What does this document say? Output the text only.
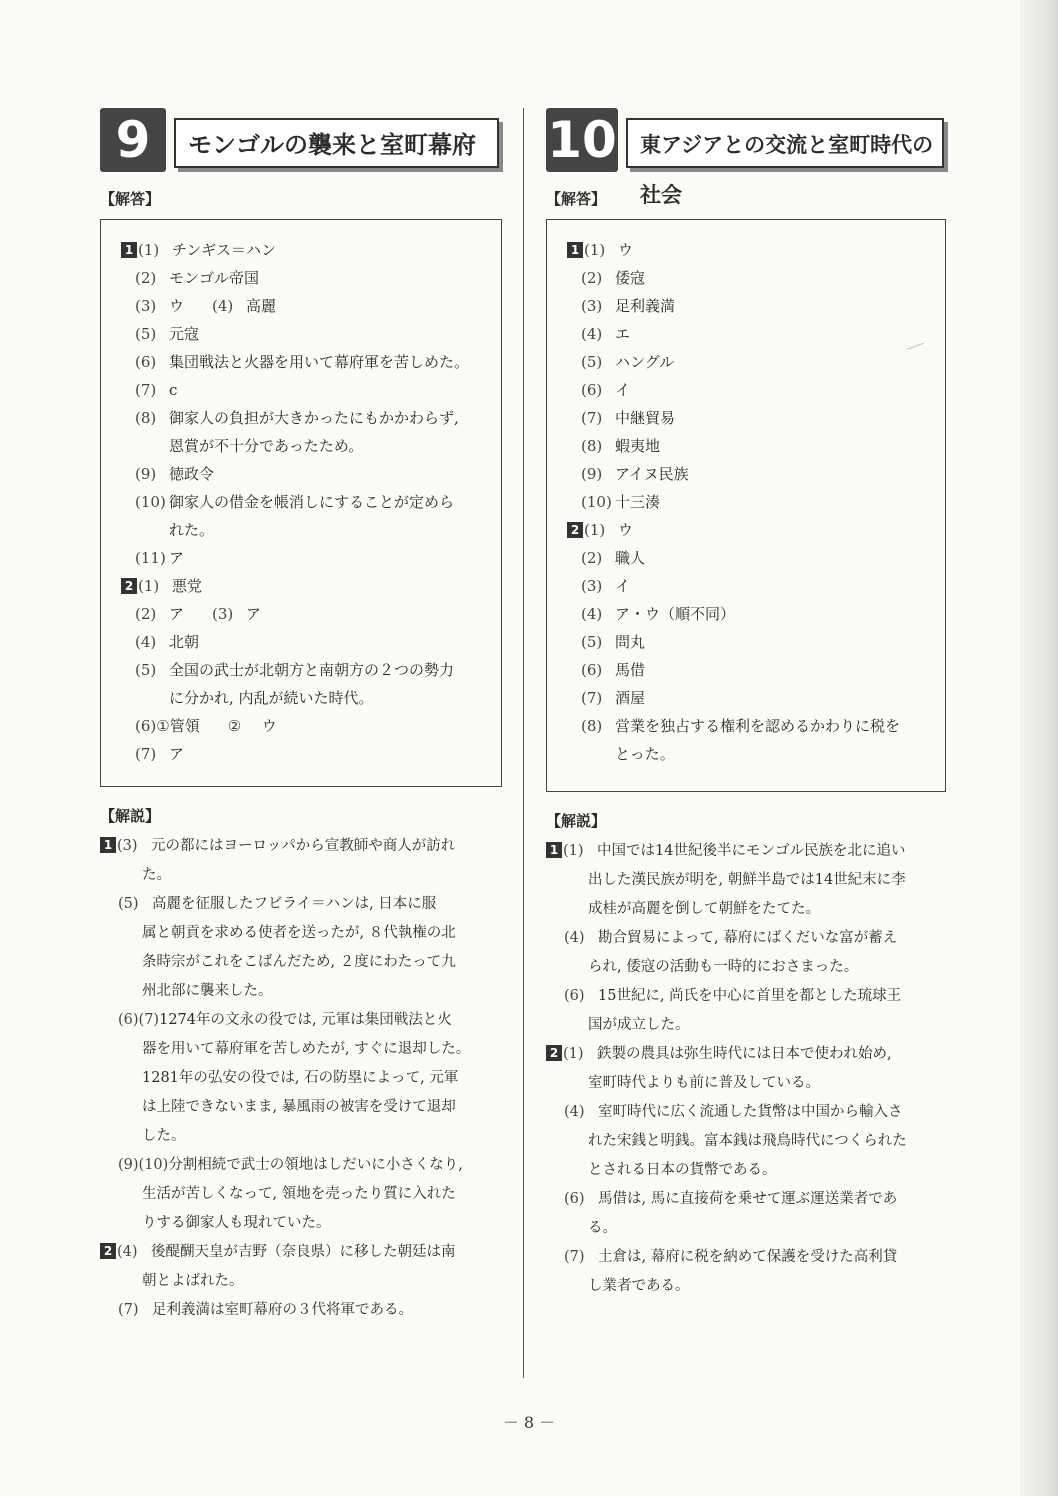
9	モンゴルの襲来と室町幕府
【解答】
1 (1) チンギス＝ハン
(2) モンゴル帝国
(3) ウ (4) 高麗
(5) 元寇
(6) 集団戦法と火器を用いて幕府軍を苦しめた。
(7) c
(8) 御家人の負担が大きかったにもかかわらず,
恩賞が不十分であったため。
(9) 徳政令
(10) 御家人の借金を帳消しにすることが定めら
れた。
(11) ア
2 (1) 悪党
(2) ア (3) ア
(4) 北朝
(5) 全国の武士が北朝方と南朝方の２つの勢力
に分かれ, 内乱が続いた時代。
(6)①管領 ② ウ
(7) ア
【解説】
1 (3) 元の都にはヨーロッパから宣教師や商人が訪れ
た。
(5) 高麗を征服したフビライ＝ハンは, 日本に服
属と朝貢を求める使者を送ったが, ８代執権の北
条時宗がこれをこばんだため, ２度にわたって九
州北部に襲来した。
(6)(7)1274年の文永の役では, 元軍は集団戦法と火
器を用いて幕府軍を苦しめたが, すぐに退却した。
1281年の弘安の役では, 石の防塁によって, 元軍
は上陸できないまま, 暴風雨の被害を受けて退却
した。
(9)(10)分割相続で武士の領地はしだいに小さくなり,
生活が苦しくなって, 領地を売ったり質に入れた
りする御家人も現れていた。
2 (4) 後醍醐天皇が吉野（奈良県）に移した朝廷は南
朝とよばれた。
(7) 足利義満は室町幕府の３代将軍である。
10	東アジアとの交流と室町時代の社会
【解答】
1 (1) ウ
(2) 倭寇
(3) 足利義満
(4) エ
(5) ハングル
(6) イ
(7) 中継貿易
(8) 蝦夷地
(9) アイヌ民族
(10) 十三湊
2 (1) ウ
(2) 職人
(3) イ
(4) ア・ウ（順不同）
(5) 問丸
(6) 馬借
(7) 酒屋
(8) 営業を独占する権利を認めるかわりに税を
とった。
【解説】
1 (1) 中国では14世紀後半にモンゴル民族を北に追い
出した漢民族が明を, 朝鮮半島では14世紀末に李
成桂が高麗を倒して朝鮮をたてた。
(4) 勘合貿易によって, 幕府にばくだいな富が蓄え
られ, 倭寇の活動も一時的におさまった。
(6) 15世紀に, 尚氏を中心に首里を都とした琉球王
国が成立した。
2 (1) 鉄製の農具は弥生時代には日本で使われ始め,
室町時代よりも前に普及している。
(4) 室町時代に広く流通した貨幣は中国から輸入さ
れた宋銭と明銭。富本銭は飛鳥時代につくられた
とされる日本の貨幣である。
(6) 馬借は, 馬に直接荷を乗せて運ぶ運送業者であ
る。
(7) 土倉は, 幕府に税を納めて保護を受けた高利貸
し業者である。
－ 8 －
